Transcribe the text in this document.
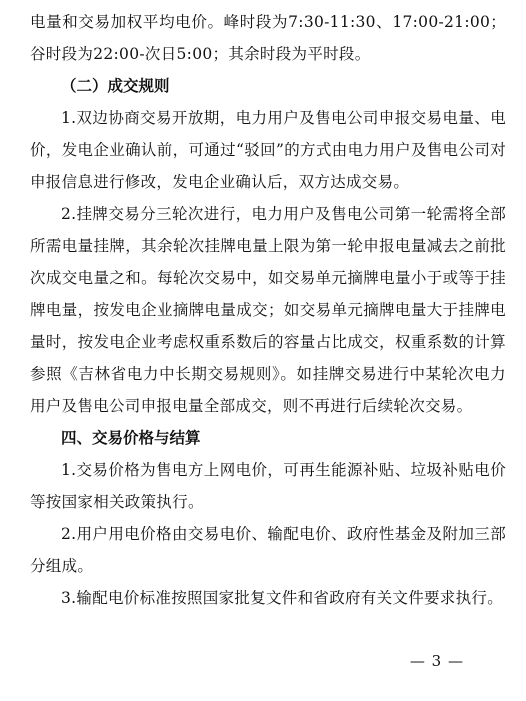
电量和交易加权平均电价。峰时段为7:30-11:30、17:00-21:00；谷时段为22:00-次日5:00；其余时段为平时段。

（二）成交规则

1.双边协商交易开放期，电力用户及售电公司申报交易电量、电价，发电企业确认前，可通过“驳回”的方式由电力用户及售电公司对申报信息进行修改，发电企业确认后，双方达成交易。

2.挂牌交易分三轮次进行，电力用户及售电公司第一轮需将全部所需电量挂牌，其余轮次挂牌电量上限为第一轮申报电量减去之前批次成交电量之和。每轮次交易中，如交易单元摘牌电量小于或等于挂牌电量，按发电企业摘牌电量成交；如交易单元摘牌电量大于挂牌电量时，按发电企业考虑权重系数后的容量占比成交，权重系数的计算参照《吉林省电力中长期交易规则》。如挂牌交易进行中某轮次电力用户及售电公司申报电量全部成交，则不再进行后续轮次交易。

四、交易价格与结算

1.交易价格为售电方上网电价，可再生能源补贴、垃圾补贴电价等按国家相关政策执行。

2.用户用电价格由交易电价、输配电价、政府性基金及附加三部分组成。

3.输配电价标准按照国家批复文件和省政府有关文件要求执行。

— 3 —
